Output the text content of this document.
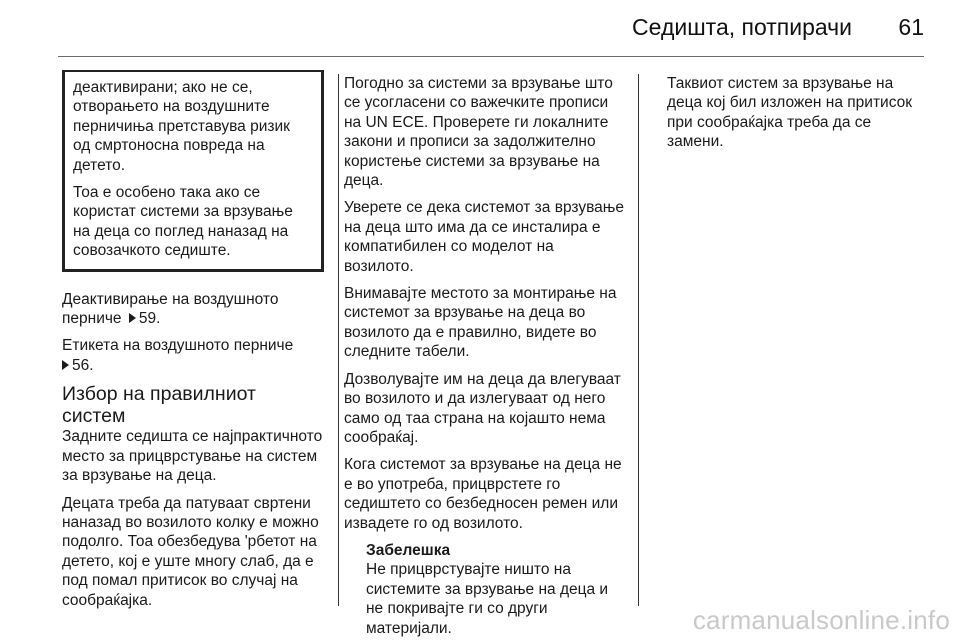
Седишта, потпирачи 61

деактивирани; ако не се, отворањето на воздушните перничиња претставува ризик од смртоносна повреда на детето.

Тоа е особено така ако се користат системи за врзување на деца со поглед наназад на совозачкото седиште.

Деактивирање на воздушното перниче 59.

Етикета на воздушното перниче
56.

Избор на правилниот систем

Задните седишта се најпрактичното место за прицврстување на систем за врзување на деца.

Децата треба да патуваат свртени наназад во возилото колку е можно подолго. Тоа обезбедува 'рбетот на детето, кој е уште многу слаб, да е под помал притисок во случај на сообраќајка.

Погодно за системи за врзување што се усогласени со важечките прописи на UN ECE. Проверете ги локалните закони и прописи за задолжително користење системи за врзување на деца.

Уверете се дека системот за врзување на деца што има да се инсталира е компатибилен со моделот на возилото.

Внимавајте местото за монтирање на системот за врзување на деца во возилото да е правилно, видете во следните табели.

Дозволувајте им на деца да влегуваат во возилото и да излегуваат од него само од таа страна на којашто нема сообраќај.

Кога системот за врзување на деца не е во употреба, прицврстете го седиштето со безбедносен ремен или извадете го од возилото.

Забелешка
Не прицврстувајте ништо на системите за врзување на деца и не покривајте ги со други материјали.

Таквиот систем за врзување на деца кој бил изложен на притисок при сообраќајка треба да се замени.

carmanualsonline.info
